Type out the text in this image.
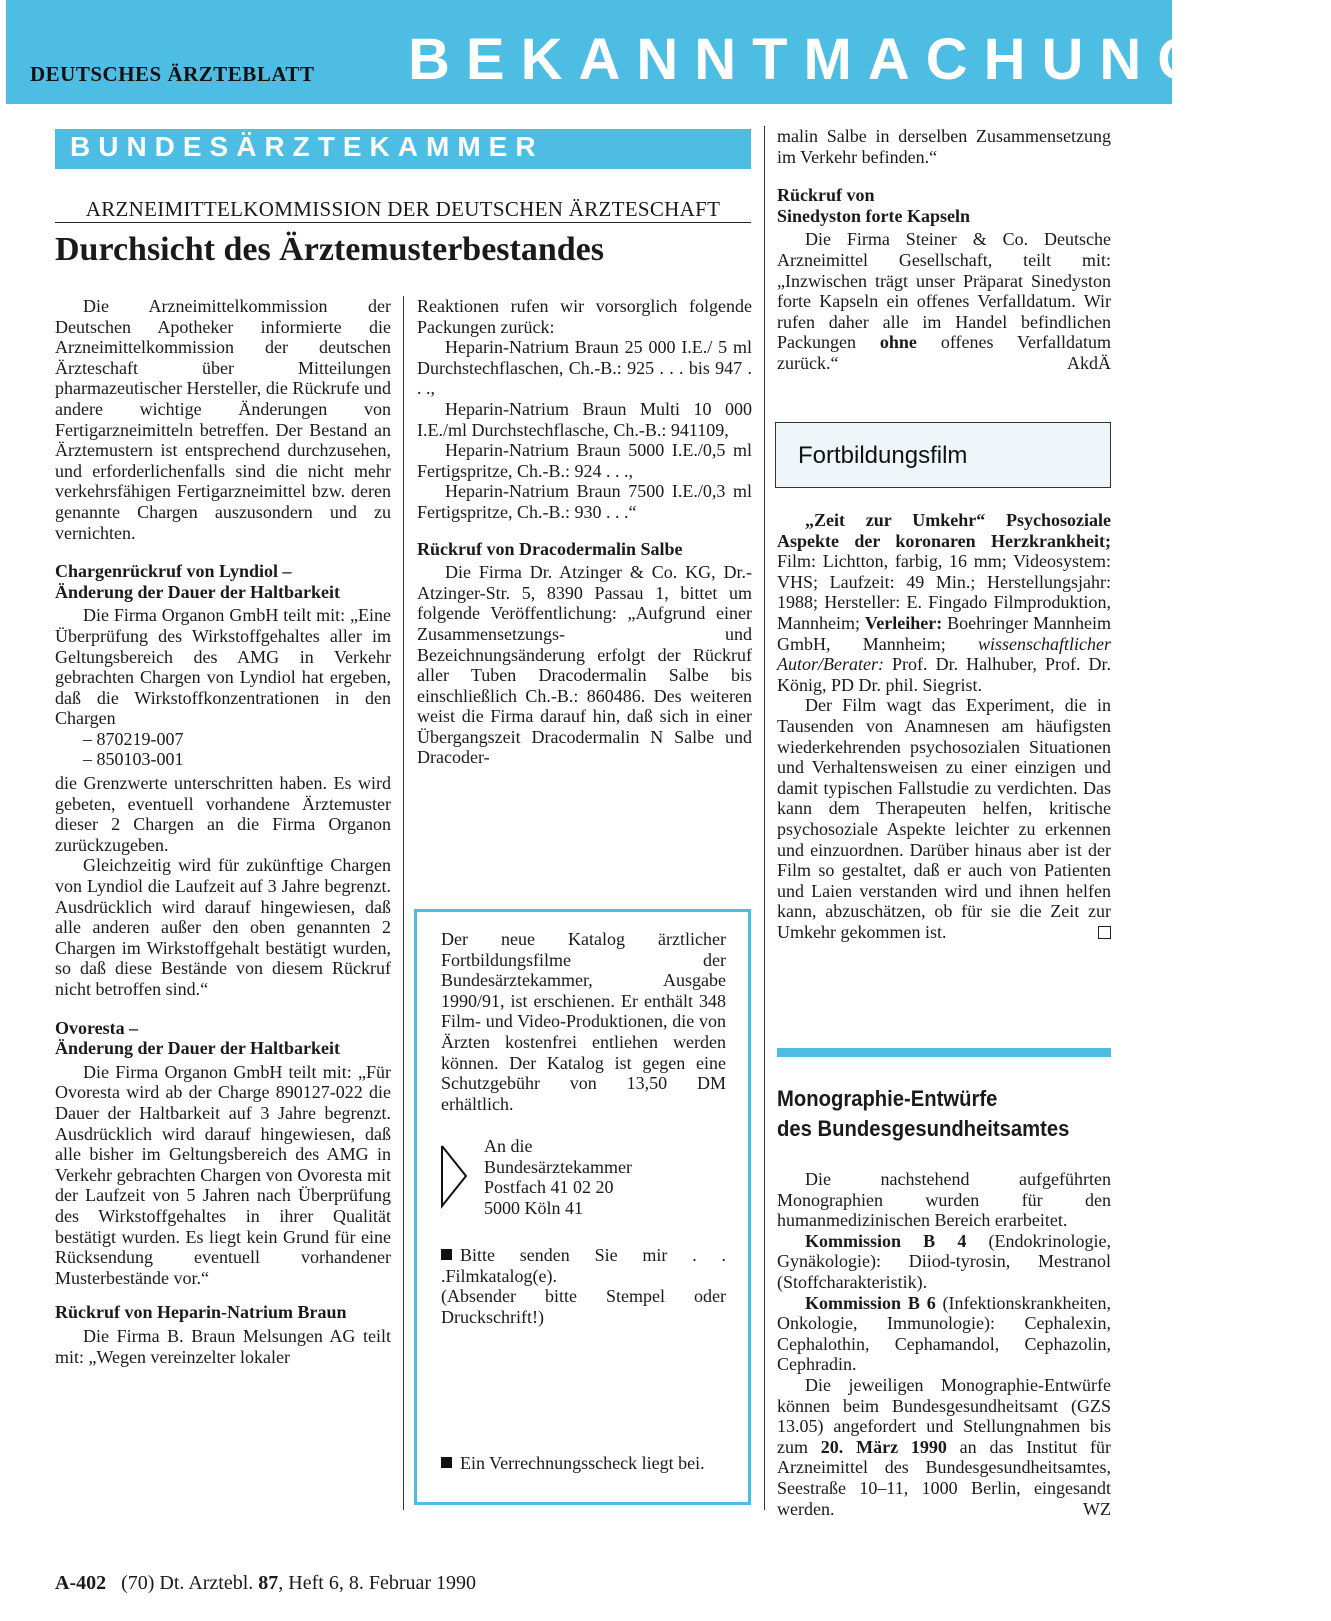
DEUTSCHES ÄRZTEBLATT BEKANNTMACHUNGEN
BUNDESÄRZTEKAMMER
ARZNEIMITTELKOMMISSION DER DEUTSCHEN ÄRZTESCHAFT
Durchsicht des Ärztemusterbestandes

Die Arzneimittelkommission der Deutschen Apotheker informierte die Arzneimittelkommission der deutschen Ärzteschaft über Mitteilungen pharmazeutischer Hersteller, die Rückrufe und andere wichtige Änderungen von Fertigarzneimitteln betreffen. Der Bestand an Ärztemustern ist entsprechend durchzusehen, und erforderlichenfalls sind die nicht mehr verkehrsfähigen Fertigarzneimittel bzw. deren genannte Chargen auszusondern und zu vernichten.

Chargenrückruf von Lyndiol –
Änderung der Dauer der Haltbarkeit

Die Firma Organon GmbH teilt mit: „Eine Überprüfung des Wirkstoffgehaltes aller im Geltungsbereich des AMG in Verkehr gebrachten Chargen von Lyndiol hat ergeben, daß die Wirkstoffkonzentrationen in den Chargen

– 870219-007
– 850103-001

die Grenzwerte unterschritten haben. Es wird gebeten, eventuell vorhandene Ärztemuster dieser 2 Chargen an die Firma Organon zurückzugeben.

Gleichzeitig wird für zukünftige Chargen von Lyndiol die Laufzeit auf 3 Jahre begrenzt. Ausdrücklich wird darauf hingewiesen, daß alle anderen außer den oben genannten 2 Chargen im Wirkstoffgehalt bestätigt wurden, so daß diese Bestände von diesem Rückruf nicht betroffen sind.“

Ovoresta –
Änderung der Dauer der Haltbarkeit

Die Firma Organon GmbH teilt mit: „Für Ovoresta wird ab der Charge 890127-022 die Dauer der Haltbarkeit auf 3 Jahre begrenzt. Ausdrücklich wird darauf hingewiesen, daß alle bisher im Geltungsbereich des AMG in Verkehr gebrachten Chargen von Ovoresta mit der Laufzeit von 5 Jahren nach Überprüfung des Wirkstoffgehaltes in ihrer Qualität bestätigt wurden. Es liegt kein Grund für eine Rücksendung eventuell vorhandener Musterbestände vor.“

Rückruf von Heparin-Natrium Braun

Die Firma B. Braun Melsungen AG teilt mit: „Wegen vereinzelter lokaler

Reaktionen rufen wir vorsorglich folgende Packungen zurück:

Heparin-Natrium Braun 25 000 I.E./ 5 ml Durchstechflaschen, Ch.-B.: 925 . . . bis 947 . . .,

Heparin-Natrium Braun Multi 10 000 I.E./ml Durchstechflasche, Ch.-B.: 941109,

Heparin-Natrium Braun 5000 I.E./0,5 ml Fertigspritze, Ch.-B.: 924 . . .,

Heparin-Natrium Braun 7500 I.E./0,3 ml Fertigspritze, Ch.-B.: 930 . . .“

Rückruf von Dracodermalin Salbe

Die Firma Dr. Atzinger & Co. KG, Dr.- Atzinger-Str. 5, 8390 Passau 1, bittet um folgende Veröffentlichung: „Aufgrund einer Zusammensetzungs- und Bezeichnungsänderung erfolgt der Rückruf aller Tuben Dracodermalin Salbe bis einschließlich Ch.-B.: 860486. Des weiteren weist die Firma darauf hin, daß sich in einer Übergangszeit Dracodermalin N Salbe und Dracoder-

Der neue Katalog ärztlicher Fortbildungsfilme der Bundesärztekammer, Ausgabe 1990/91, ist erschienen. Er enthält 348 Film- und Video-Produktionen, die von Ärzten kostenfrei entliehen werden können. Der Katalog ist gegen eine Schutzgebühr von 13,50 DM erhältlich.
An die
Bundesärztekammer
Postfach 41 02 20
5000 Köln 41
Bitte senden Sie mir . . .Filmkatalog(e).
(Absender bitte Stempel oder Druckschrift!)
Ein Verrechnungsscheck liegt bei.

malin Salbe in derselben Zusammensetzung im Verkehr befinden.“

Rückruf von
Sinedyston forte Kapseln

Die Firma Steiner & Co. Deutsche Arzneimittel Gesellschaft, teilt mit: „Inzwischen trägt unser Präparat Sinedyston forte Kapseln ein offenes Verfalldatum. Wir rufen daher alle im Handel befindlichen Packungen ohne offenes Verfalldatum zurück.“	AkdÄ

Fortbildungsfilm

„Zeit zur Umkehr“ Psychosoziale Aspekte der koronaren Herzkrankheit; Film: Lichtton, farbig, 16 mm; Videosystem: VHS; Laufzeit: 49 Min.; Herstellungsjahr: 1988; Hersteller: E. Fingado Filmproduktion, Mannheim; Verleiher: Boehringer Mannheim GmbH, Mannheim; wissenschaftlicher Autor/Berater: Prof. Dr. Halhuber, Prof. Dr. König, PD Dr. phil. Siegrist.

Der Film wagt das Experiment, die in Tausenden von Anamnesen am häufigsten wiederkehrenden psychosozialen Situationen und Verhaltensweisen zu einer einzigen und damit typischen Fallstudie zu verdichten. Das kann dem Therapeuten helfen, kritische psychosoziale Aspekte leichter zu erkennen und einzuordnen. Darüber hinaus aber ist der Film so gestaltet, daß er auch von Patienten und Laien verstanden wird und ihnen helfen kann, abzuschätzen, ob für sie die Zeit zur Umkehr gekommen ist.

Monographie-Entwürfe
des Bundesgesundheitsamtes

Die nachstehend aufgeführten Monographien wurden für den humanmedizinischen Bereich erarbeitet.

Kommission B 4 (Endokrinologie, Gynäkologie): Diiod-tyrosin, Mestranol (Stoffcharakteristik).

Kommission B 6 (Infektionskrankheiten, Onkologie, Immunologie): Cephalexin, Cephalothin, Cephamandol, Cephazolin, Cephradin.

Die jeweiligen Monographie-Entwürfe können beim Bundesgesundheitsamt (GZS 13.05) angefordert und Stellungnahmen bis zum 20. März 1990 an das Institut für Arzneimittel des Bundesgesundheitsamtes, Seestraße 10–11, 1000 Berlin, eingesandt werden.	WZ

A-402 (70) Dt. Arztebl. 87, Heft 6, 8. Februar 1990
